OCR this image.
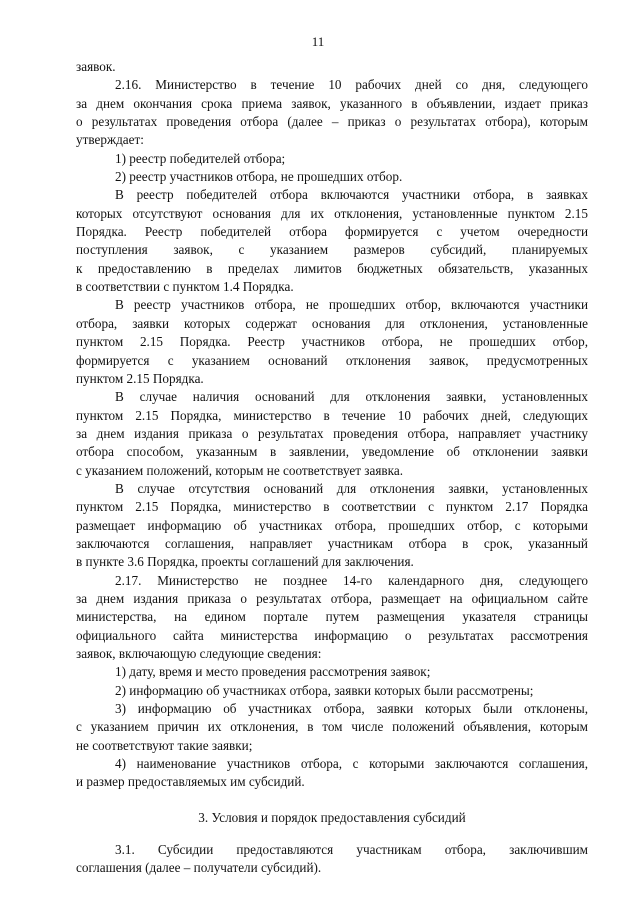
11
заявок.
2.16. Министерство в течение 10 рабочих дней со дня, следующего
за днем окончания срока приема заявок, указанного в объявлении, издает приказ
о результатах проведения отбора (далее – приказ о результатах отбора), которым
утверждает:
1) реестр победителей отбора;
2) реестр участников отбора, не прошедших отбор.
В реестр победителей отбора включаются участники отбора, в заявках
которых отсутствуют основания для их отклонения, установленные пунктом 2.15
Порядка. Реестр победителей отбора формируется с учетом очередности
поступления заявок, с указанием размеров субсидий, планируемых
к предоставлению в пределах лимитов бюджетных обязательств, указанных
в соответствии с пунктом 1.4 Порядка.
В реестр участников отбора, не прошедших отбор, включаются участники
отбора, заявки которых содержат основания для отклонения, установленные
пунктом 2.15 Порядка. Реестр участников отбора, не прошедших отбор,
формируется с указанием оснований отклонения заявок, предусмотренных
пунктом 2.15 Порядка.
В случае наличия оснований для отклонения заявки, установленных
пунктом 2.15 Порядка, министерство в течение 10 рабочих дней, следующих
за днем издания приказа о результатах проведения отбора, направляет участнику
отбора способом, указанным в заявлении, уведомление об отклонении заявки
с указанием положений, которым не соответствует заявка.
В случае отсутствия оснований для отклонения заявки, установленных
пунктом 2.15 Порядка, министерство в соответствии с пунктом 2.17 Порядка
размещает информацию об участниках отбора, прошедших отбор, с которыми
заключаются соглашения, направляет участникам отбора в срок, указанный
в пункте 3.6 Порядка, проекты соглашений для заключения.
2.17. Министерство не позднее 14-го календарного дня, следующего
за днем издания приказа о результатах отбора, размещает на официальном сайте
министерства, на едином портале путем размещения указателя страницы
официального сайта министерства информацию о результатах рассмотрения
заявок, включающую следующие сведения:
1) дату, время и место проведения рассмотрения заявок;
2) информацию об участниках отбора, заявки которых были рассмотрены;
3) информацию об участниках отбора, заявки которых были отклонены,
с указанием причин их отклонения, в том числе положений объявления, которым
не соответствуют такие заявки;
4) наименование участников отбора, с которыми заключаются соглашения,
и размер предоставляемых им субсидий.
3. Условия и порядок предоставления субсидий
3.1. Субсидии предоставляются участникам отбора, заключившим
соглашения (далее – получатели субсидий).
